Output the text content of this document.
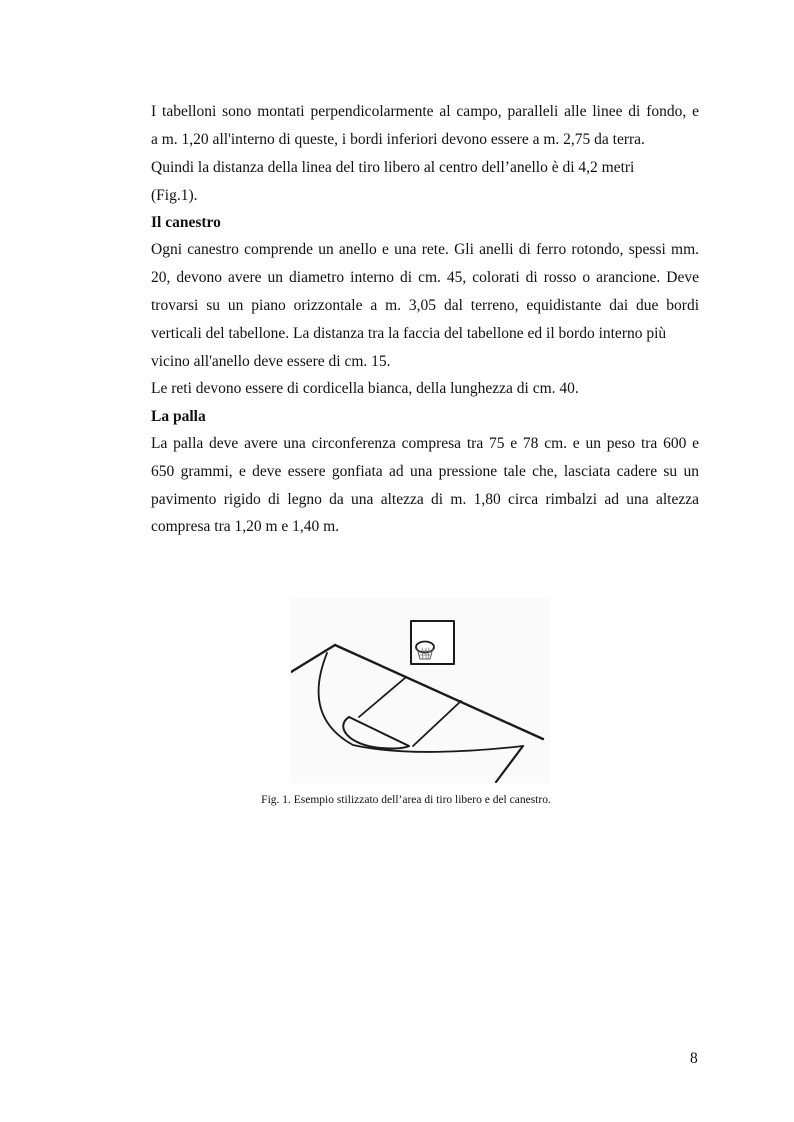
I tabelloni sono montati perpendicolarmente al campo, paralleli alle linee di fondo, e
a m. 1,20 all'interno di queste, i bordi inferiori devono essere a m. 2,75 da terra.
Quindi la distanza della linea del tiro libero al centro dell’anello è di 4,2 metri
(Fig.1).
Il canestro
Ogni canestro comprende un anello e una rete. Gli anelli di ferro rotondo, spessi mm.
20, devono avere un diametro interno di cm. 45, colorati di rosso o arancione. Deve
trovarsi su un piano orizzontale a m. 3,05 dal terreno, equidistante dai due bordi
verticali del tabellone. La distanza tra la faccia del tabellone ed il bordo interno più
vicino all'anello deve essere di cm. 15.
Le reti devono essere di cordicella bianca, della lunghezza di cm. 40.
La palla
La palla deve avere una circonferenza compresa tra 75 e 78 cm. e un peso tra 600 e
650 grammi, e deve essere gonfiata ad una pressione tale che, lasciata cadere su un
pavimento rigido di legno da una altezza di m. 1,80 circa rimbalzi ad una altezza
compresa tra 1,20 m e 1,40 m.
Fig. 1. Esempio stilizzato dell’area di tiro libero e del canestro.
8
